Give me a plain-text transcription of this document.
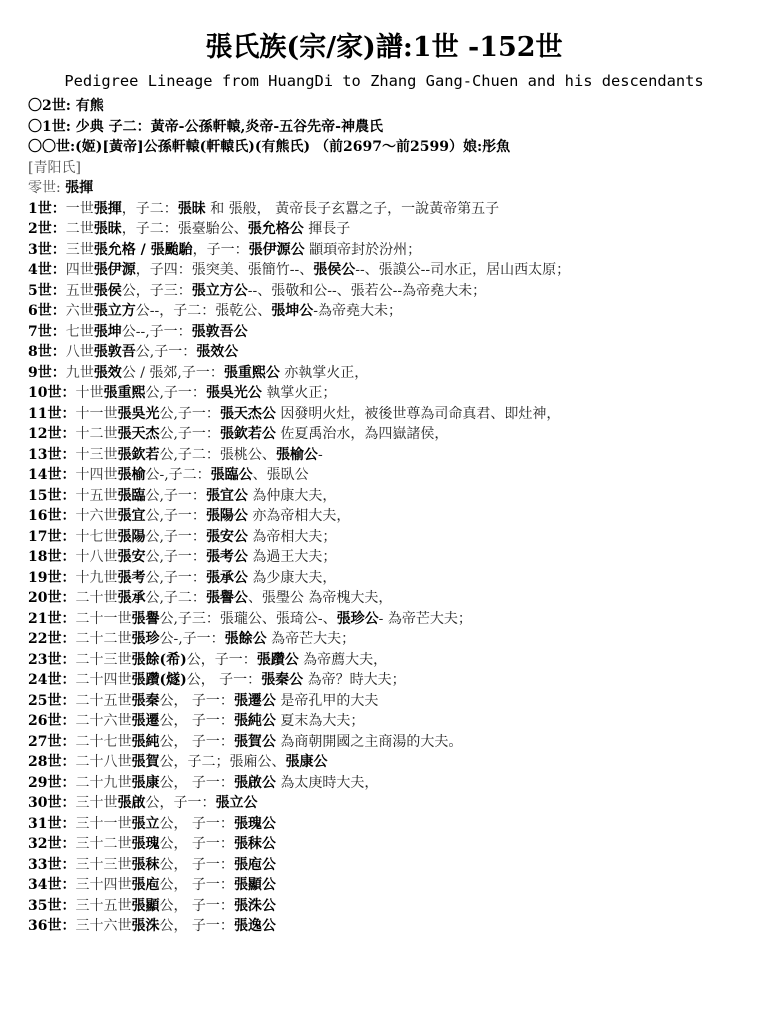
張氏族(宗/家)譜:1世 -152世
Pedigree Lineage from HuangDi to Zhang Gang-Chuen and his descendants
〇2世: 有熊
〇1世: 少典 子二：黃帝-公孫軒轅,炎帝-五谷先帝-神農氏
〇〇世:(姬)[黃帝]公孫軒轅(軒轅氏)(有熊氏) （前2697～前2599）娘:彤魚
[青阳氏]
零世: 張揮
1世：一世張揮，子二：張昧 和 張般， 黃帝長子玄囂之子，一說黃帝第五子
2世：二世張昧，子二：張臺駘公、張允格公 揮長子
3世：三世張允格 / 張颱駘，子一：張伊源公 顓頊帝封於汾州；
4世：四世張伊源，子四：張突美、張簡竹--、張侯公--、張謨公--司水正，居山西太原；
5世：五世張侯公，子三：張立方公--、張敬和公--、張若公--為帝堯大未；
6世：六世張立方公--，子二：張乾公、張坤公-為帝堯大未；
7世：七世張坤公--,子一：張敦吾公
8世：八世張敦吾公,子一：張效公
9世：九世張效公 / 張郊,子一：張重熙公 亦執掌火正，
10世：十世張重熙公,子一：張吳光公 執掌火正；
11世：十一世張吳光公,子一：張天杰公 因發明火灶，被後世尊為司命真君、即灶神，
12世：十二世張天杰公,子一：張欽若公 佐夏禹治水，為四嶽諸侯，
13世：十三世張欽若公,子二：張桃公、張榆公-
14世：十四世張榆公-,子二：張臨公、張臥公
15世：十五世張臨公,子一：張宜公 為仲康大夫，
16世：十六世張宜公,子一：張陽公 亦為帝相大夫，
17世：十七世張陽公,子一：張安公 為帝相大夫；
18世：十八世張安公,子一：張考公 為過王大夫；
19世：十九世張考公,子一：張承公 為少康大夫，
20世：二十世張承公,子二：張譽公、張璺公 為帝槐大夫，
21世：二十一世張譽公,子三：張瓏公、張琦公-、張珍公- 為帝芒大夫；
22世：二十二世張珍公-,子一：張餘公 為帝芒大夫；
23世：二十三世張餘(希)公，子一：張躦公 為帝薦大夫，
24世：二十四世張躦(燧)公， 子一：張秦公 為帝？時大夫；
25世：二十五世張秦公， 子一：張遷公 是帝孔甲的大夫
26世：二十六世張遷公， 子一：張純公 夏末為大夫；
27世：二十七世張純公， 子一：張賀公 為商朝開國之主商湯的大夫。
28世：二十八世張賀公，子二；張廂公、張康公
29世：二十九世張康公， 子一：張啟公 為太庚時大夫，
30世：三十世張啟公，子一：張立公
31世：三十一世張立公， 子一：張瑰公
32世：三十二世張瑰公， 子一：張秣公
33世：三十三世張秣公， 子一：張庖公
34世：三十四世張庖公， 子一：張顯公
35世：三十五世張顯公， 子一：張洙公
36世：三十六世張洙公， 子一：張逸公
